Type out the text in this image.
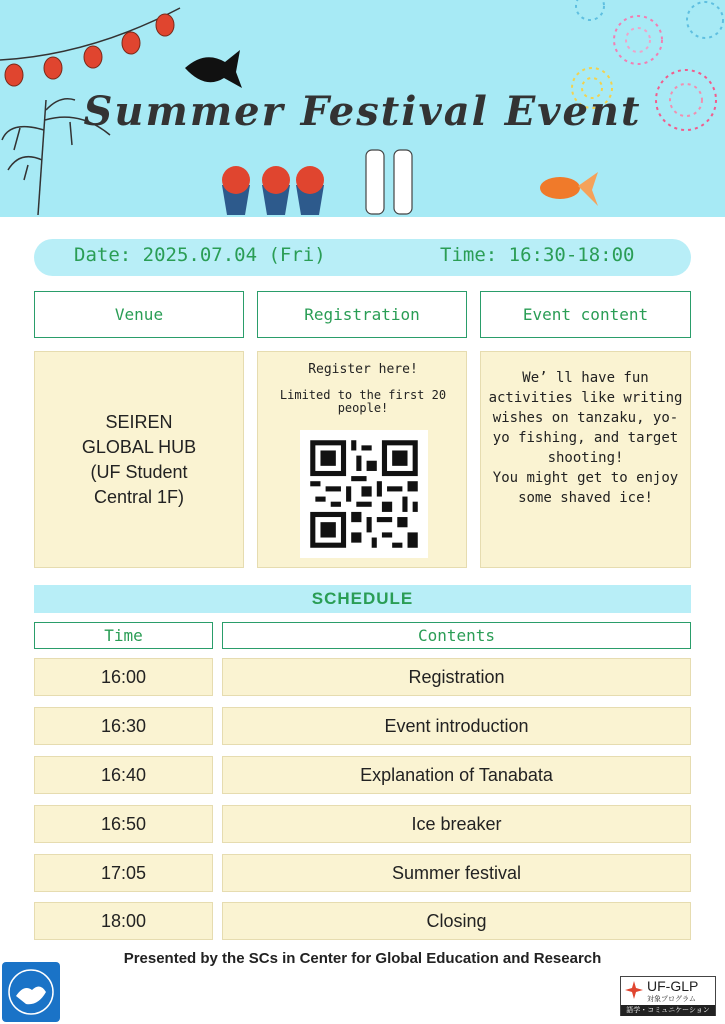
Summer Festival Event
Date: 2025.07.04 (Fri)	Time: 16:30-18:00
Venue	Registration	Event content
SEIREN
GLOBAL HUB
(UF Student
Central 1F)
Register here!
Limited to the first 20 people!
We’ ll have fun activities like writing wishes on tanzaku, yo-yo fishing, and target shooting!
You might get to enjoy some shaved ice!
SCHEDULE
Time	Contents
16:00	Registration
16:30	Event introduction
16:40	Explanation of Tanabata
16:50	Ice breaker
17:05	Summer festival
18:00	Closing
Presented by the SCs in Center for Global Education and Research
UF-GLP
対象プログラム
語学・コミュニケーション
